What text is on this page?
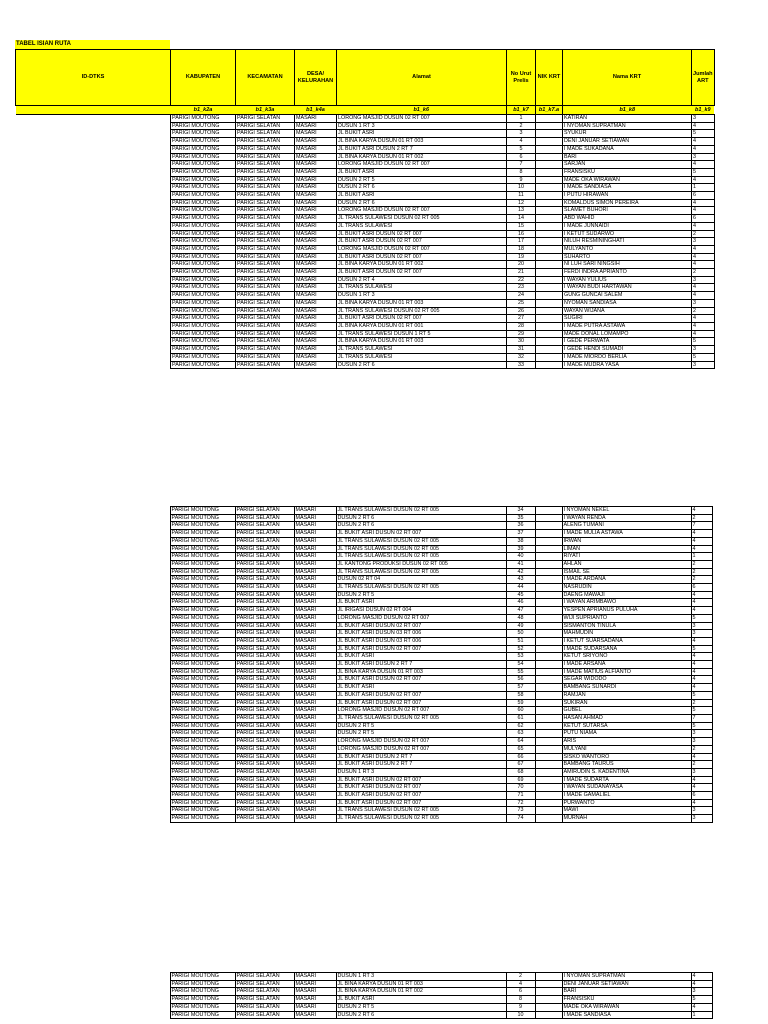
TABEL ISIAN RUTA
ID-DTKS	KABUPATEN	KECAMATAN	DESA/ KELURAHAN	Alamat	No Urut Prelis	NIK KRT	Nama KRT	Jumlah ART
	b1_k2a	b1_k3a	b1_k4a	b1_k6	b1_k7	b1_k7.a	b1_k8	b1_k9
	PARIGI MOUTONG	PARIGI SELATAN	MASARI	LORONG MASJID DUSUN 02 RT 007	1		KATIRAN	3
	PARIGI MOUTONG	PARIGI SELATAN	MASARI	DUSUN 1 RT 3	2		I NYOMAN SUPRATMAN	4
	PARIGI MOUTONG	PARIGI SELATAN	MASARI	JL BUKIT ASRI	3		SYUKUR	5
	PARIGI MOUTONG	PARIGI SELATAN	MASARI	JL BINA KARYA DUSUN 01 RT 003	4		DENI JANUAR SETIAWAN	4
	PARIGI MOUTONG	PARIGI SELATAN	MASARI	JL BUKIT ASRI DUSUN 2 RT 7	5		I MADE SUKADANA	4
	PARIGI MOUTONG	PARIGI SELATAN	MASARI	JL BINA KARYA DUSUN 01 RT 002	6		BARI	3
	PARIGI MOUTONG	PARIGI SELATAN	MASARI	LORONG MASJID DUSUN 02 RT 007	7		SARJAN	4
	PARIGI MOUTONG	PARIGI SELATAN	MASARI	JL BUKIT ASRI	8		FRANSISKU	5
	PARIGI MOUTONG	PARIGI SELATAN	MASARI	DUSUN 2 RT 5	9		MADE OKA WIRAWAN	4
	PARIGI MOUTONG	PARIGI SELATAN	MASARI	DUSUN 2 RT 6	10		I MADE SANDIASA	1
	PARIGI MOUTONG	PARIGI SELATAN	MASARI	JL BUKIT ASRI	11		I PUTU HIRAWAN	6
	PARIGI MOUTONG	PARIGI SELATAN	MASARI	DUSUN 2 RT 6	12		KOMALDUS SIMON PEREIRA	4
	PARIGI MOUTONG	PARIGI SELATAN	MASARI	LORONG MASJID DUSUN 02 RT 007	13		SLAMET BUHORI	4
	PARIGI MOUTONG	PARIGI SELATAN	MASARI	JL TRANS SULAWESI DUSUN 02 RT 005	14		ABD WAHID	6
	PARIGI MOUTONG	PARIGI SELATAN	MASARI	JL TRANS SULAWESI	15		I MADE JUNNAIDI	4
	PARIGI MOUTONG	PARIGI SELATAN	MASARI	JL BUKIT ASRI DUSUN 02 RT 007	16		I KETUT SUDARWO	2
	PARIGI MOUTONG	PARIGI SELATAN	MASARI	JL BUKIT ASRI DUSUN 02 RT 007	17		NILUH RESMININGHATI	3
	PARIGI MOUTONG	PARIGI SELATAN	MASARI	LORONG MASJID DUSUN 02 RT 007	18		MULYANTO	4
	PARIGI MOUTONG	PARIGI SELATAN	MASARI	JL BUKIT ASRI DUSUN 02 RT 007	19		SUHARTO	4
	PARIGI MOUTONG	PARIGI SELATAN	MASARI	JL BINA KARYA DUSUN 01 RT 002	20		NI LUH SARI NINGSIH	4
	PARIGI MOUTONG	PARIGI SELATAN	MASARI	JL BUKIT ASRI DUSUN 02 RT 007	21		FERDI INDRA APRIANTO	2
	PARIGI MOUTONG	PARIGI SELATAN	MASARI	DUSUN 2 RT 4	22		I WAYAN YULIUS	3
	PARIGI MOUTONG	PARIGI SELATAN	MASARI	JL TRANS SULAWESI	23		I WAYAN BUDI HARTAWAN	4
	PARIGI MOUTONG	PARIGI SELATAN	MASARI	DUSUN 1 RT 3	24		GUNG GUNCAI SALEM	4
	PARIGI MOUTONG	PARIGI SELATAN	MASARI	JL BINA KARYA DUSUN 01 RT 003	25		NYOMAN SANDIASA	3
	PARIGI MOUTONG	PARIGI SELATAN	MASARI	JL TRANS SULAWESI DUSUN 02 RT 005	26		WAYAN WIJANA	2
	PARIGI MOUTONG	PARIGI SELATAN	MASARI	JL BUKIT ASRI DUSUN 02 RT 007	27		SUGIRI	4
	PARIGI MOUTONG	PARIGI SELATAN	MASARI	JL BINA KARYA DUSUN 01 RT 001	28		I MADE PUTRA ASTAWA	4
	PARIGI MOUTONG	PARIGI SELATAN	MASARI	JL TRANS SULAWESI DUSUN 1 RT 5	29		MADE DONAL LOMAMPO	4
	PARIGI MOUTONG	PARIGI SELATAN	MASARI	JL BINA KARYA DUSUN 01 RT 003	30		I GEDE PERWATA	5
	PARIGI MOUTONG	PARIGI SELATAN	MASARI	JL TRANS SULAWESI	31		I GEDE HENDI SUMADI	3
	PARIGI MOUTONG	PARIGI SELATAN	MASARI	JL TRANS SULAWESI	32		I MADE MIORDO BERLIA	5
	PARIGI MOUTONG	PARIGI SELATAN	MASARI	DUSUN 2 RT 6	33		I MADE MUDRA YASA	3
	PARIGI MOUTONG	PARIGI SELATAN	MASARI	JL TRANS SULAWESI DUSUN 02 RT 005	34		I NYOMAN NEKEL	4
	PARIGI MOUTONG	PARIGI SELATAN	MASARI	DUSUN 2 RT 6	35		I WAYAN RENDA	2
	PARIGI MOUTONG	PARIGI SELATAN	MASARI	DUSUN 2 RT 6	36		ALENG TUMANI	7
	PARIGI MOUTONG	PARIGI SELATAN	MASARI	JL BUKIT ASRI DUSUN 02 RT 007	37		I MADE MULIA ASTAWA	4
	PARIGI MOUTONG	PARIGI SELATAN	MASARI	JL TRANS SULAWESI DUSUN 02 RT 005	38		IRWAN	4
	PARIGI MOUTONG	PARIGI SELATAN	MASARI	JL TRANS SULAWESI DUSUN 02 RT 005	39		LIMAN	4
	PARIGI MOUTONG	PARIGI SELATAN	MASARI	JL TRANS SULAWESI DUSUN 02 RT 005	40		RIYATI	1
	PARIGI MOUTONG	PARIGI SELATAN	MASARI	JL KANTONG PRODUKSI DUSUN 02 RT 005	41		AHLAN	2
	PARIGI MOUTONG	PARIGI SELATAN	MASARI	JL TRANS SULAWESI DUSUN 02 RT 005	42		ISMAIL SE	2
	PARIGI MOUTONG	PARIGI SELATAN	MASARI	DUSUN 02 RT 04	43		I MADE ARDANA	2
	PARIGI MOUTONG	PARIGI SELATAN	MASARI	JL TRANS SULAWESI DUSUN 02 RT 005	44		NASRUDIN	6
	PARIGI MOUTONG	PARIGI SELATAN	MASARI	DUSUN 2 RT 5	45		DAENG MAWAJI	4
	PARIGI MOUTONG	PARIGI SELATAN	MASARI	JL BUKIT ASRI	46		I WAYAN ARIMBAWO	4
	PARIGI MOUTONG	PARIGI SELATAN	MASARI	JL IRIGASI DUSUN 02 RT 004	47		YESPEN APRIANUS PULUHA	4
	PARIGI MOUTONG	PARIGI SELATAN	MASARI	LORONG MASJID DUSUN 02 RT 007	48		WIJI SUPRIANTO	5
	PARIGI MOUTONG	PARIGI SELATAN	MASARI	JL BUKIT ASRI DUSUN 02 RT 007	49		SISMANTON TINULA	3
	PARIGI MOUTONG	PARIGI SELATAN	MASARI	JL BUKIT ASRI DUSUN 03 RT 006	50		MAHMUDIN	3
	PARIGI MOUTONG	PARIGI SELATAN	MASARI	JL BUKIT ASRI DUSUN 03 RT 006	51		I KETUT SUARSADANA	4
	PARIGI MOUTONG	PARIGI SELATAN	MASARI	JL BUKIT ASRI DUSUN 02 RT 007	52		I MADE SUDARSANA	5
	PARIGI MOUTONG	PARIGI SELATAN	MASARI	JL BUKIT ASRI	53		KETUT SRIYONO	4
	PARIGI MOUTONG	PARIGI SELATAN	MASARI	JL BUKIT ASRI DUSUN 2 RT 7	54		I MADE ARSANA	4
	PARIGI MOUTONG	PARIGI SELATAN	MASARI	JL BINA KARYA DUSUN 01 RT 003	55		I MADE MATIUS ALFIANTO	4
	PARIGI MOUTONG	PARIGI SELATAN	MASARI	JL BUKIT ASRI DUSUN 02 RT 007	56		SEGAR WIDODO	4
	PARIGI MOUTONG	PARIGI SELATAN	MASARI	JL BUKIT ASRI	57		BAMBANG SUNARDI	4
	PARIGI MOUTONG	PARIGI SELATAN	MASARI	JL BUKIT ASRI DUSUN 02 RT 007	58		RAMJAN	5
	PARIGI MOUTONG	PARIGI SELATAN	MASARI	JL BUKIT ASRI DUSUN 02 RT 007	59		SUKIRAN	2
	PARIGI MOUTONG	PARIGI SELATAN	MASARI	LORONG MASJID DUSUN 02 RT 007	60		GUBEL	5
	PARIGI MOUTONG	PARIGI SELATAN	MASARI	JL TRANS SULAWESI DUSUN 02 RT 005	61		HASAN AHMAD	7
	PARIGI MOUTONG	PARIGI SELATAN	MASARI	DUSUN 2 RT 5	62		KETUT SUTARSA	5
	PARIGI MOUTONG	PARIGI SELATAN	MASARI	DUSUN 2 RT 5	63		PUTU NIAMA	3
	PARIGI MOUTONG	PARIGI SELATAN	MASARI	LORONG MASJID DUSUN 02 RT 007	64		ARIS	3
	PARIGI MOUTONG	PARIGI SELATAN	MASARI	LORONG MASJID DUSUN 02 RT 007	65		MULYANI	2
	PARIGI MOUTONG	PARIGI SELATAN	MASARI	JL BUKIT ASRI DUSUN 2 RT 7	66		SISKO WANTORO	4
	PARIGI MOUTONG	PARIGI SELATAN	MASARI	JL BUKIT ASRI DUSUN 2 RT 7	67		BAMBANG TAURUS	2
	PARIGI MOUTONG	PARIGI SELATAN	MASARI	DUSUN 1 RT 3	68		AMIRUDIN S. KADENTINA	3
	PARIGI MOUTONG	PARIGI SELATAN	MASARI	JL BUKIT ASRI DUSUN 02 RT 007	69		I MADE SUDARTA	4
	PARIGI MOUTONG	PARIGI SELATAN	MASARI	JL BUKIT ASRI DUSUN 02 RT 007	70		I WAYAN SUDANAYASA	4
	PARIGI MOUTONG	PARIGI SELATAN	MASARI	JL BUKIT ASRI DUSUN 02 RT 007	71		I MADE GAMALIEL	6
	PARIGI MOUTONG	PARIGI SELATAN	MASARI	JL BUKIT ASRI DUSUN 02 RT 007	72		PURWANTO	4
	PARIGI MOUTONG	PARIGI SELATAN	MASARI	JL TRANS SULAWESI DUSUN 02 RT 005	73		MAWI	3
	PARIGI MOUTONG	PARIGI SELATAN	MASARI	JL TRANS SULAWESI DUSUN 02 RT 005	74		MURNAH	3
	PARIGI MOUTONG	PARIGI SELATAN	MASARI	DUSUN 1 RT 3	2		I NYOMAN SUPRATMAN	4
	PARIGI MOUTONG	PARIGI SELATAN	MASARI	JL BINA KARYA DUSUN 01 RT 003	4		DENI JANUAR SETIAWAN	4
	PARIGI MOUTONG	PARIGI SELATAN	MASARI	JL BINA KARYA DUSUN 01 RT 002	6		BARI	3
	PARIGI MOUTONG	PARIGI SELATAN	MASARI	JL BUKIT ASRI	8		FRANSISKU	5
	PARIGI MOUTONG	PARIGI SELATAN	MASARI	DUSUN 2 RT 5	9		MADE OKA WIRAWAN	4
	PARIGI MOUTONG	PARIGI SELATAN	MASARI	DUSUN 2 RT 6	10		I MADE SANDIASA	1
